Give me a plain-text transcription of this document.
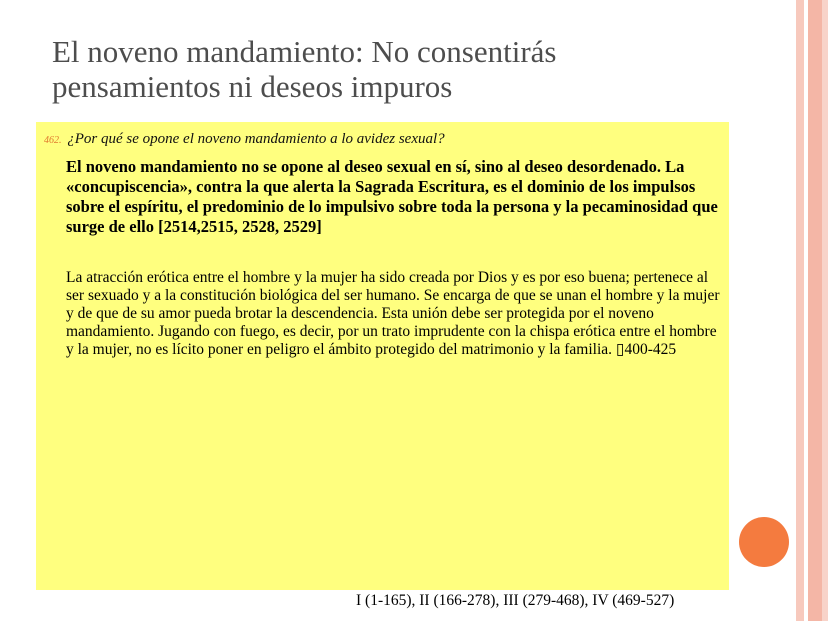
El noveno mandamiento: No consentirás
pensamientos ni deseos impuros
462. ¿Por qué se opone el noveno mandamiento a lo avidez sexual?

El noveno mandamiento no se opone al deseo sexual en sí, sino al deseo desordenado. La «concupiscencia», contra la que alerta la Sagrada Escritura, es el dominio de los impulsos sobre el espíritu, el predominio de lo impulsivo sobre toda la persona y la pecaminosidad que surge de ello [2514,2515, 2528, 2529]

La atracción erótica entre el hombre y la mujer ha sido creada por Dios y es por eso buena; pertenece al ser sexuado y a la constitución biológica del ser humano. Se encarga de que se unan el hombre y la mujer y de que de su amor pueda brotar la descendencia. Esta unión debe ser protegida por el noveno mandamiento. Jugando con fuego, es decir, por un trato imprudente con la chispa erótica entre el hombre y la mujer, no es lícito poner en peligro el ámbito protegido del matrimonio y la familia. ▯400-425

I (1-165), II (166-278), III (279-468), IV (469-527)
